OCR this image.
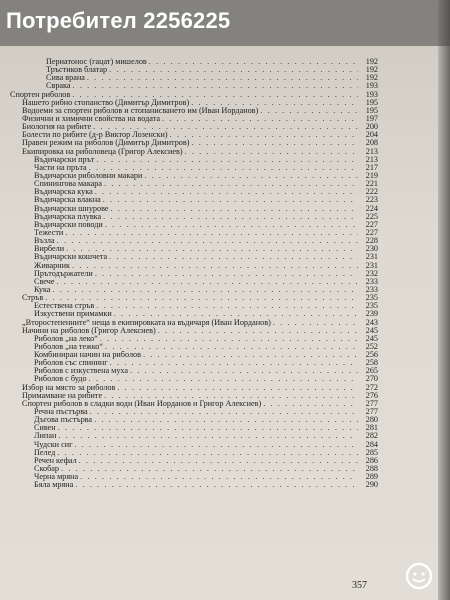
Периатонос (гацат) мишелов . . .	192
Тръстиков блатар . . .	192
Сива врана . . .	192
Сврака . . .	193
Спортен риболов . . .	193
Нашето рибно стопанство (Димитър Димитров) . . .	195
Водоеми за спортен риболов и стопанисването им (Иван Йорданов) . . .	195
Физични и химични свойства на водата . . .	197
Биология на рибите . . .	200
Болести по рибите (д-р Виктор Лозенски) . . .	204
Правен режим на риболов (Димитър Димитров) . . .	208
Екипировка на риболовеца (Григор Алексиев) . . .	213
Въдичарски прът . . .	213
Части на пръта . . .	217
Въдичарски риболовни макари . . .	219
Спинингова макара . . .	221
Въдичарска кука . . .	222
Въдичарска влакна . . .	223
Въдичарски шнурове . . .	224
Въдичарска плувка . . .	225
Въдичарски поводи . . .	227
Тежести . . .	227
Възла . . .	228
Вирбели . . .	230
Въдичарски кошчета . . .	231
Живарник . . .	231
Прътодържатели . . .	232
Свече . . .	233
Кука . . .	233
Стръв . . .	235
Естествена стръв . . .	235
Изкуствени примамки . . .	239
„Второстепенните“ неща в екипировката на въдичаря (Иван Йорданов) . . .	243
Начини на риболов (Григор Алексиев) . . .	245
Риболов „на леко“ . . .	245
Риболов „на тежко“ . . .	252
Комбиниран начин на риболов . . .	256
Риболов със спининг . . .	258
Риболов с изкуствена муха . . .	265
Риболов с будо . . .	270
Избор на място за риболов . . .	272
Примамване на рибите . . .	276
Спортен риболов в сладки води (Иван Йорданов и Григор Алексиев) . . .	277
Речна пъстърва . . .	277
Дъгова пъстърва . . .	280
Сивен . . .	281
Липан . . .	282
Чудски сиг . . .	284
Пелед . . .	285
Речен кефал . . .	286
Скобар . . .	288
Черна мряна . . .	289
Бяла мряна . . .	290
357
Потребител 2256225
